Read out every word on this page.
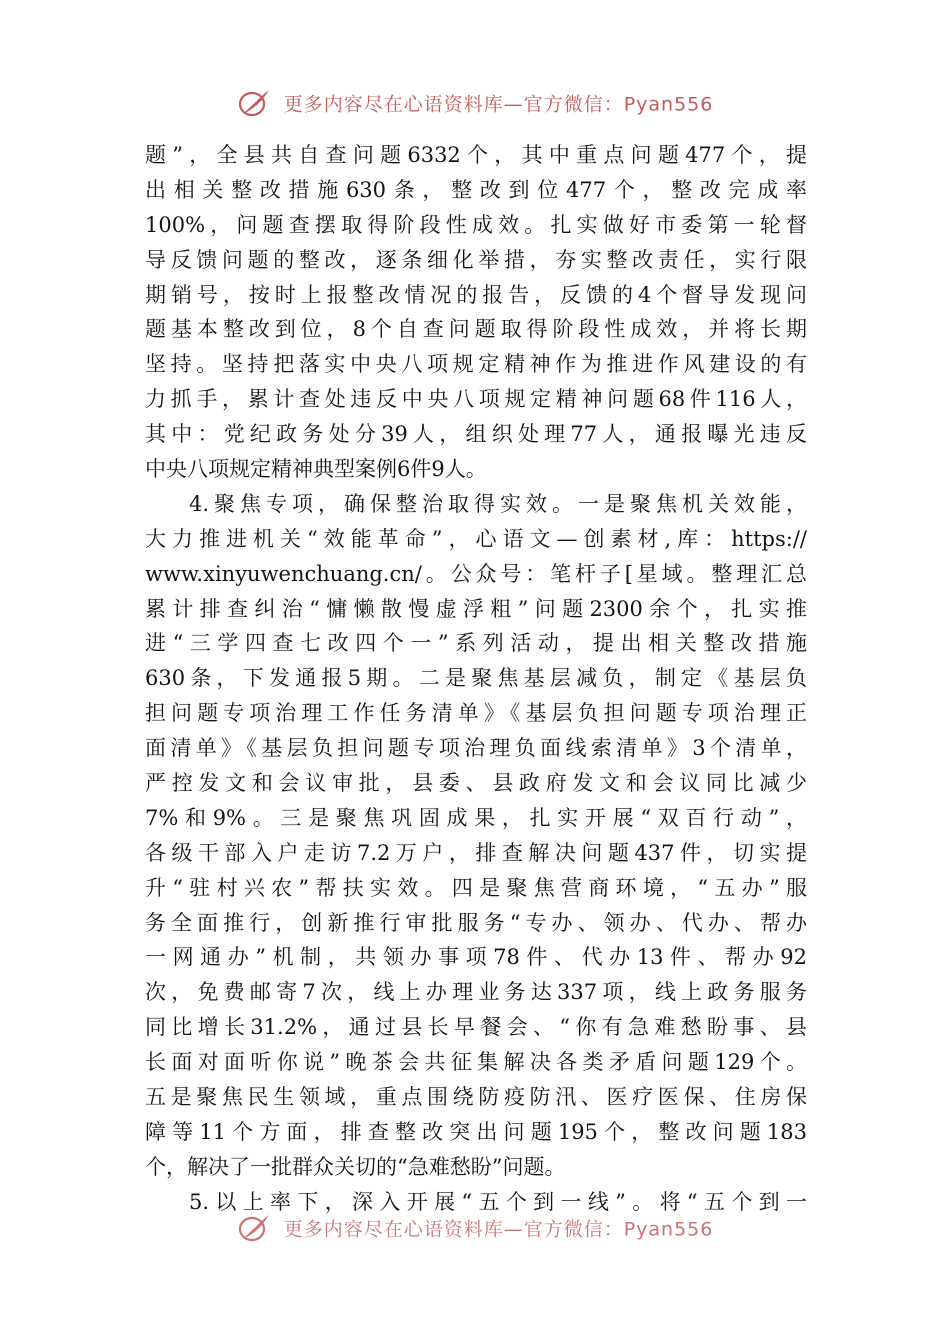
更多内容尽在心语资料库—官方微信：Pyan556
题”，全县共自查问题6332个，其中重点问题477个，提
出相关整改措施630条，整改到位477个，整改完成率
100%，问题查摆取得阶段性成效。扎实做好市委第一轮督
导反馈问题的整改，逐条细化举措，夯实整改责任，实行限
期销号，按时上报整改情况的报告，反馈的4个督导发现问
题基本整改到位，8个自查问题取得阶段性成效，并将长期
坚持。坚持把落实中央八项规定精神作为推进作风建设的有
力抓手，累计查处违反中央八项规定精神问题68件116人，
其中：党纪政务处分39人，组织处理77人，通报曝光违反
中央八项规定精神典型案例6件9人。
4.聚焦专项，确保整治取得实效。一是聚焦机关效能，
大力推进机关“效能革命”，心语文—创素材,库：https://
www.xinyuwenchuang.cn/。公众号：笔杆子[星域。整理汇总
累计排查纠治“慵懒散慢虚浮粗”问题2300余个，扎实推
进“三学四查七改四个一”系列活动，提出相关整改措施
630条，下发通报5期。二是聚焦基层减负，制定《基层负
担问题专项治理工作任务清单》《基层负担问题专项治理正
面清单》《基层负担问题专项治理负面线索清单》3个清单，
严控发文和会议审批，县委、县政府发文和会议同比减少
7%和9%。三是聚焦巩固成果，扎实开展“双百行动”，
各级干部入户走访7.2万户，排查解决问题437件，切实提
升“驻村兴农”帮扶实效。四是聚焦营商环境，“五办”服
务全面推行，创新推行审批服务“专办、领办、代办、帮办
一网通办”机制，共领办事项78件、代办13件、帮办92
次，免费邮寄7次，线上办理业务达337项，线上政务服务
同比增长31.2%，通过县长早餐会、“你有急难愁盼事、县
长面对面听你说”晚茶会共征集解决各类矛盾问题129个。
五是聚焦民生领域，重点围绕防疫防汛、医疗医保、住房保
障等11个方面，排查整改突出问题195个，整改问题183
个，解决了一批群众关切的“急难愁盼”问题。
5.以上率下，深入开展“五个到一线”。将“五个到一
更多内容尽在心语资料库—官方微信：Pyan556
